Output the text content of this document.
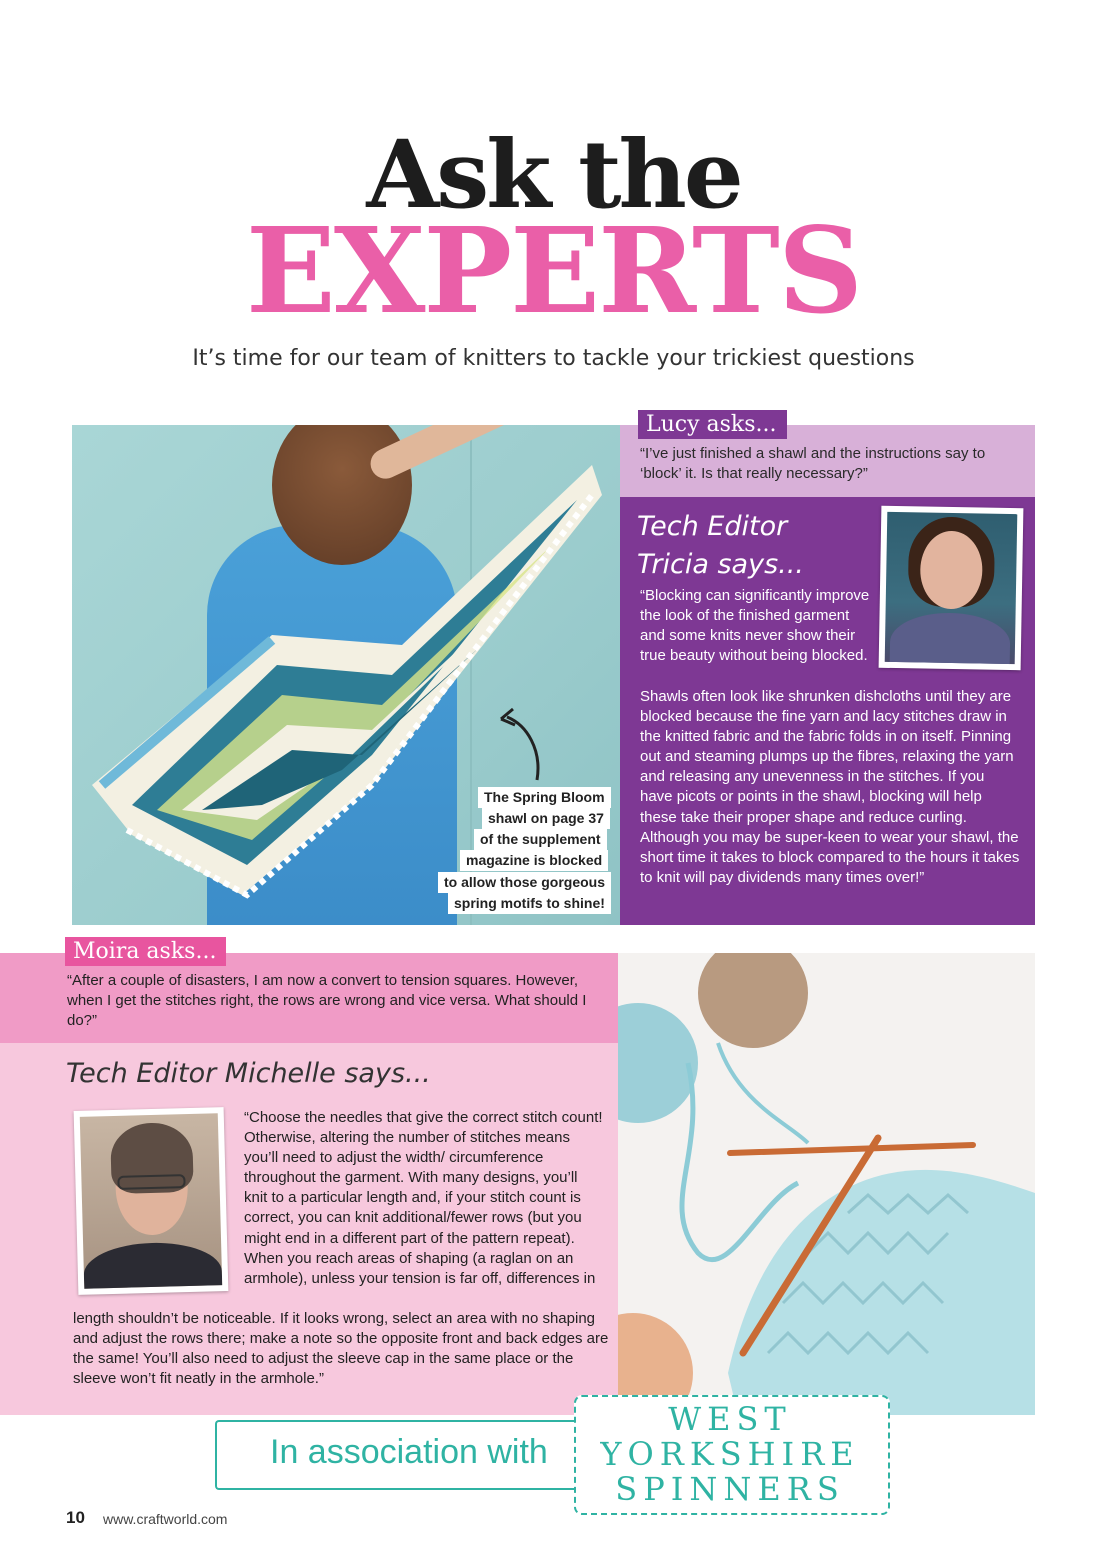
Ask the
EXPERTS
It’s time for our team of knitters to tackle your trickiest questions
The Spring Bloom
shawl on page 37
of the supplement
magazine is blocked
to allow those gorgeous
spring motifs to shine!
Lucy asks...
“I’ve just finished a shawl and the instructions say to ‘block’ it. Is that really necessary?”
Tech Editor
Tricia says...
“Blocking can significantly improve the look of the finished garment and some knits never show their true beauty without being blocked.
Shawls often look like shrunken dishcloths until they are blocked because the fine yarn and lacy stitches draw in the knitted fabric and the fabric folds in on itself. Pinning out and steaming plumps up the fibres, relaxing the yarn and releasing any unevenness in the stitches. If you have picots or points in the shawl, blocking will help these take their proper shape and reduce curling. Although you may be super-keen to wear your shawl, the short time it takes to block compared to the hours it takes to knit will pay dividends many times over!”
Moira asks...
“After a couple of disasters, I am now a convert to tension squares. However, when I get the stitches right, the rows are wrong and vice versa. What should I do?”
Tech Editor Michelle says...
“Choose the needles that give the correct stitch count! Otherwise, altering the number of stitches means you’ll need to adjust the width/ circumference throughout the garment. With many designs, you’ll knit to a particular length and, if your stitch count is correct, you can knit additional/fewer rows (but you might end in a different part of the pattern repeat). When you reach areas of shaping (a raglan on an armhole), unless your tension is far off, differences in
length shouldn’t be noticeable. If it looks wrong, select an area with no shaping and adjust the rows there; make a note so the opposite front and back edges are the same! You’ll also need to adjust the sleeve cap in the same place or the sleeve won’t fit neatly in the armhole.”
In association with
WEST
YORKSHIRE
SPINNERS
10 www.craftworld.com
